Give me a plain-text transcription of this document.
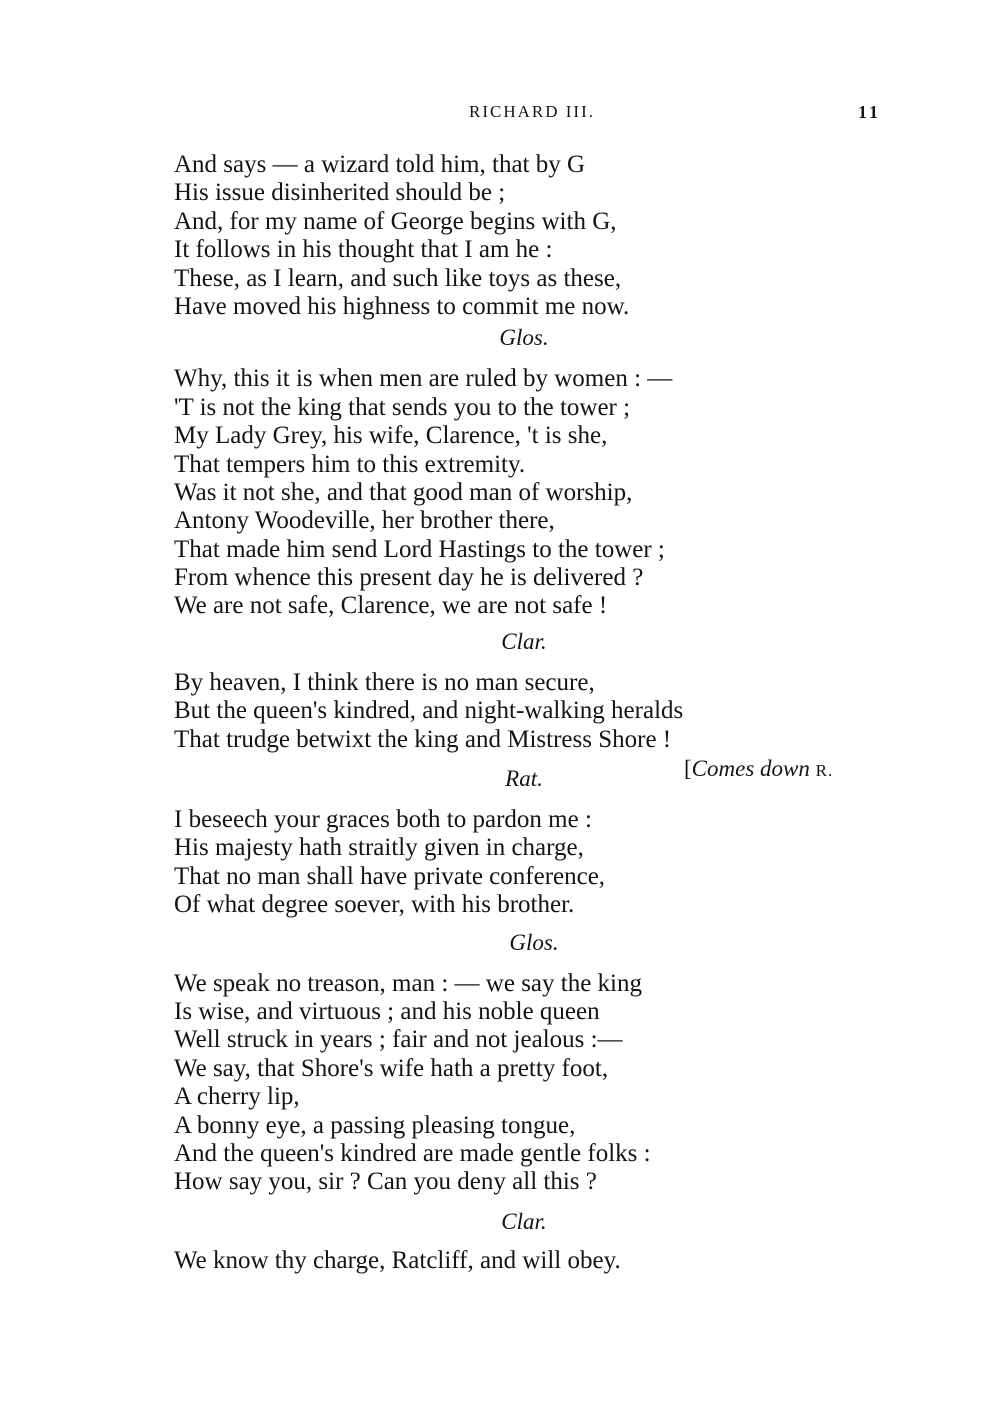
RICHARD III.	11
And says — a wizard told him, that by G
His issue disinherited should be ;
And, for my name of George begins with G,
It follows in his thought that I am he :
These, as I learn, and such like toys as these,
Have moved his highness to commit me now.
Glos.
Why, this it is when men are ruled by women : —
'T is not the king that sends you to the tower ;
My Lady Grey, his wife, Clarence, 't is she,
That tempers him to this extremity.
Was it not she, and that good man of worship,
Antony Woodeville, her brother there,
That made him send Lord Hastings to the tower ;
From whence this present day he is delivered ?
We are not safe, Clarence, we are not safe !
Clar.
By heaven, I think there is no man secure,
But the queen's kindred, and night-walking heralds
That trudge betwixt the king and Mistress Shore !
Rat.	[Comes down R.
I beseech your graces both to pardon me :
His majesty hath straitly given in charge,
That no man shall have private conference,
Of what degree soever, with his brother.
Glos.
We speak no treason, man : — we say the king
Is wise, and virtuous ; and his noble queen
Well struck in years ; fair and not jealous :—
We say, that Shore's wife hath a pretty foot,
A cherry lip,
A bonny eye, a passing pleasing tongue,
And the queen's kindred are made gentle folks :
How say you, sir ? Can you deny all this ?
Clar.
We know thy charge, Ratcliff, and will obey.
